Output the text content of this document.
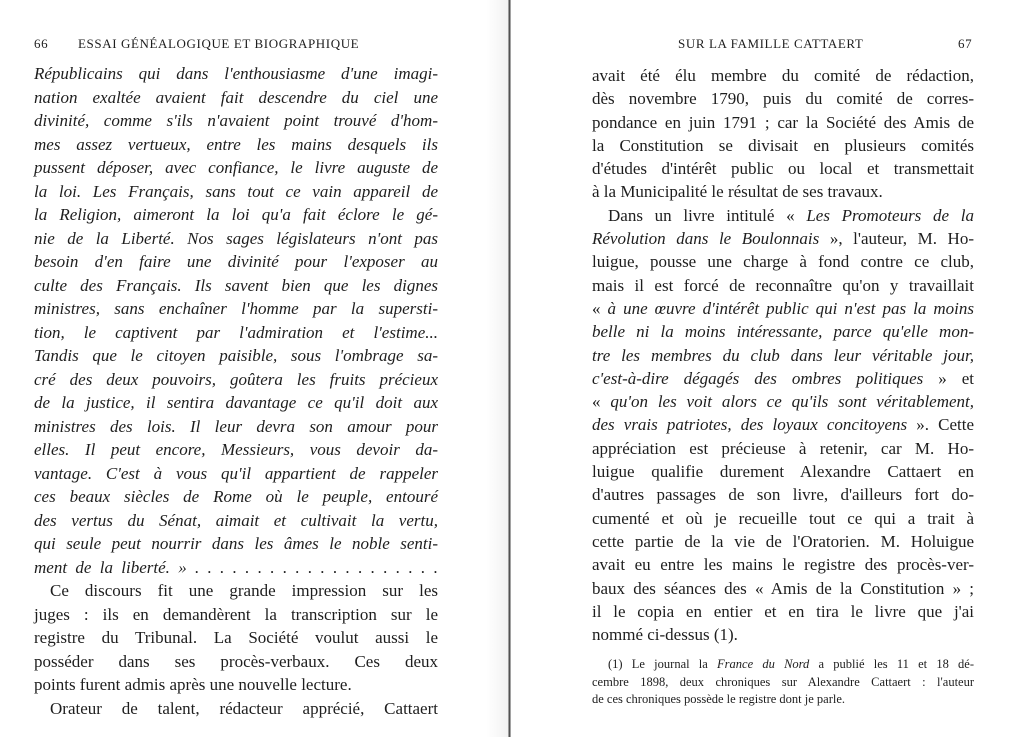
66 ESSAI GÉNÉALOGIQUE ET BIOGRAPHIQUE
Républicains qui dans l'enthousiasme d'une imagi-
nation exaltée avaient fait descendre du ciel une
divinité, comme s'ils n'avaient point trouvé d'hom-
mes assez vertueux, entre les mains desquels ils
pussent déposer, avec confiance, le livre auguste de
la loi. Les Français, sans tout ce vain appareil de
la Religion, aimeront la loi qu'a fait éclore le gé-
nie de la Liberté. Nos sages législateurs n'ont pas
besoin d'en faire une divinité pour l'exposer au
culte des Français. Ils savent bien que les dignes
ministres, sans enchaîner l'homme par la supersti-
tion, le captivent par l'admiration et l'estime...
Tandis que le citoyen paisible, sous l'ombrage sa-
cré des deux pouvoirs, goûtera les fruits précieux
de la justice, il sentira davantage ce qu'il doit aux
ministres des lois. Il leur devra son amour pour
elles. Il peut encore, Messieurs, vous devoir da-
vantage. C'est à vous qu'il appartient de rappeler
ces beaux siècles de Rome où le peuple, entouré
des vertus du Sénat, aimait et cultivait la vertu,
qui seule peut nourrir dans les âmes le noble senti-
ment de la liberté. » . . . . . . . . . . . . . . . . . . . .
Ce discours fit une grande impression sur les
juges : ils en demandèrent la transcription sur le
registre du Tribunal. La Société voulut aussi le
posséder dans ses procès-verbaux. Ces deux
points furent admis après une nouvelle lecture.
Orateur de talent, rédacteur apprécié, Cattaert
SUR LA FAMILLE CATTAERT	67
avait été élu membre du comité de rédaction,
dès novembre 1790, puis du comité de corres-
pondance en juin 1791 ; car la Société des Amis de
la Constitution se divisait en plusieurs comités
d'études d'intérêt public ou local et transmettait
à la Municipalité le résultat de ses travaux.
Dans un livre intitulé « Les Promoteurs de la
Révolution dans le Boulonnais », l'auteur, M. Ho-
luigue, pousse une charge à fond contre ce club,
mais il est forcé de reconnaître qu'on y travaillait
« à une œuvre d'intérêt public qui n'est pas la moins
belle ni la moins intéressante, parce qu'elle mon-
tre les membres du club dans leur véritable jour,
c'est-à-dire dégagés des ombres politiques » et
« qu'on les voit alors ce qu'ils sont véritablement,
des vrais patriotes, des loyaux concitoyens ». Cette
appréciation est précieuse à retenir, car M. Ho-
luigue qualifie durement Alexandre Cattaert en
d'autres passages de son livre, d'ailleurs fort do-
cumenté et où je recueille tout ce qui a trait à
cette partie de la vie de l'Oratorien. M. Holuigue
avait eu entre les mains le registre des procès-ver-
baux des séances des « Amis de la Constitution » ;
il le copia en entier et en tira le livre que j'ai
nommé ci-dessus (1).
(1) Le journal la France du Nord a publié les 11 et 18 dé-
cembre 1898, deux chroniques sur Alexandre Cattaert : l'auteur
de ces chroniques possède le registre dont je parle.
